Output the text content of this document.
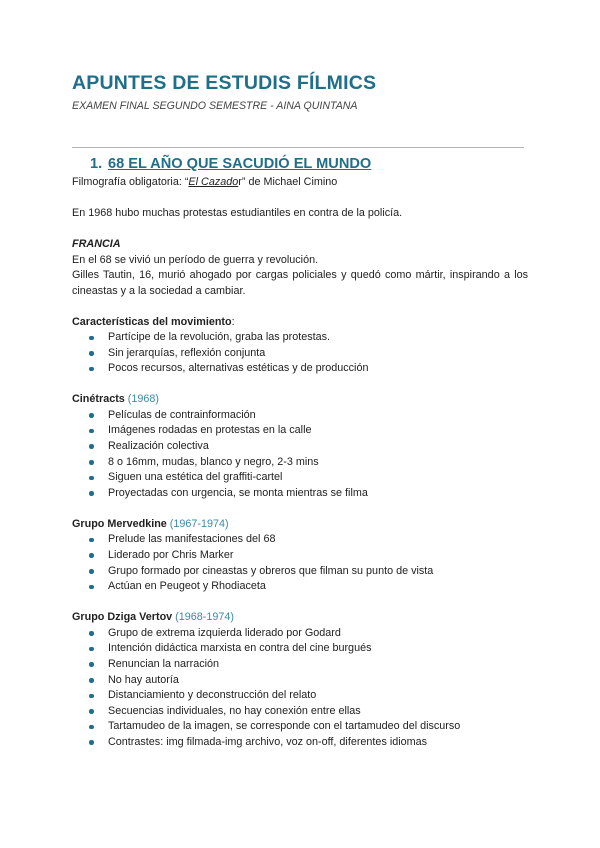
APUNTES DE ESTUDIS FÍLMICS
EXAMEN FINAL SEGUNDO SEMESTRE - AINA QUINTANA
1. 68 EL AÑO QUE SACUDIÓ EL MUNDO
Filmografía obligatoria: “El Cazador” de Michael Cimino
En 1968 hubo muchas protestas estudiantiles en contra de la policía.
FRANCIA
En el 68 se vivió un período de guerra y revolución.
Gilles Tautin, 16, murió ahogado por cargas policiales y quedó como mártir, inspirando a los cineastas y a la sociedad a cambiar.
Características del movimiento:
Partícipe de la revolución, graba las protestas.
Sin jerarquías, reflexión conjunta
Pocos recursos, alternativas estéticas y de producción
Cinétracts (1968)
Películas de contrainformación
Imágenes rodadas en protestas en la calle
Realización colectiva
8 o 16mm, mudas, blanco y negro, 2-3 mins
Siguen una estética del graffiti-cartel
Proyectadas con urgencia, se monta mientras se filma
Grupo Mervedkine (1967-1974)
Prelude las manifestaciones del 68
Liderado por Chris Marker
Grupo formado por cineastas y obreros que filman su punto de vista
Actúan en Peugeot y Rhodiaceta
Grupo Dziga Vertov (1968-1974)
Grupo de extrema izquierda liderado por Godard
Intención didáctica marxista en contra del cine burgués
Renuncian la narración
No hay autoría
Distanciamiento y deconstrucción del relato
Secuencias individuales, no hay conexión entre ellas
Tartamudeo de la imagen, se corresponde con el tartamudeo del discurso
Contrastes: img filmada-img archivo, voz on-off, diferentes idiomas
